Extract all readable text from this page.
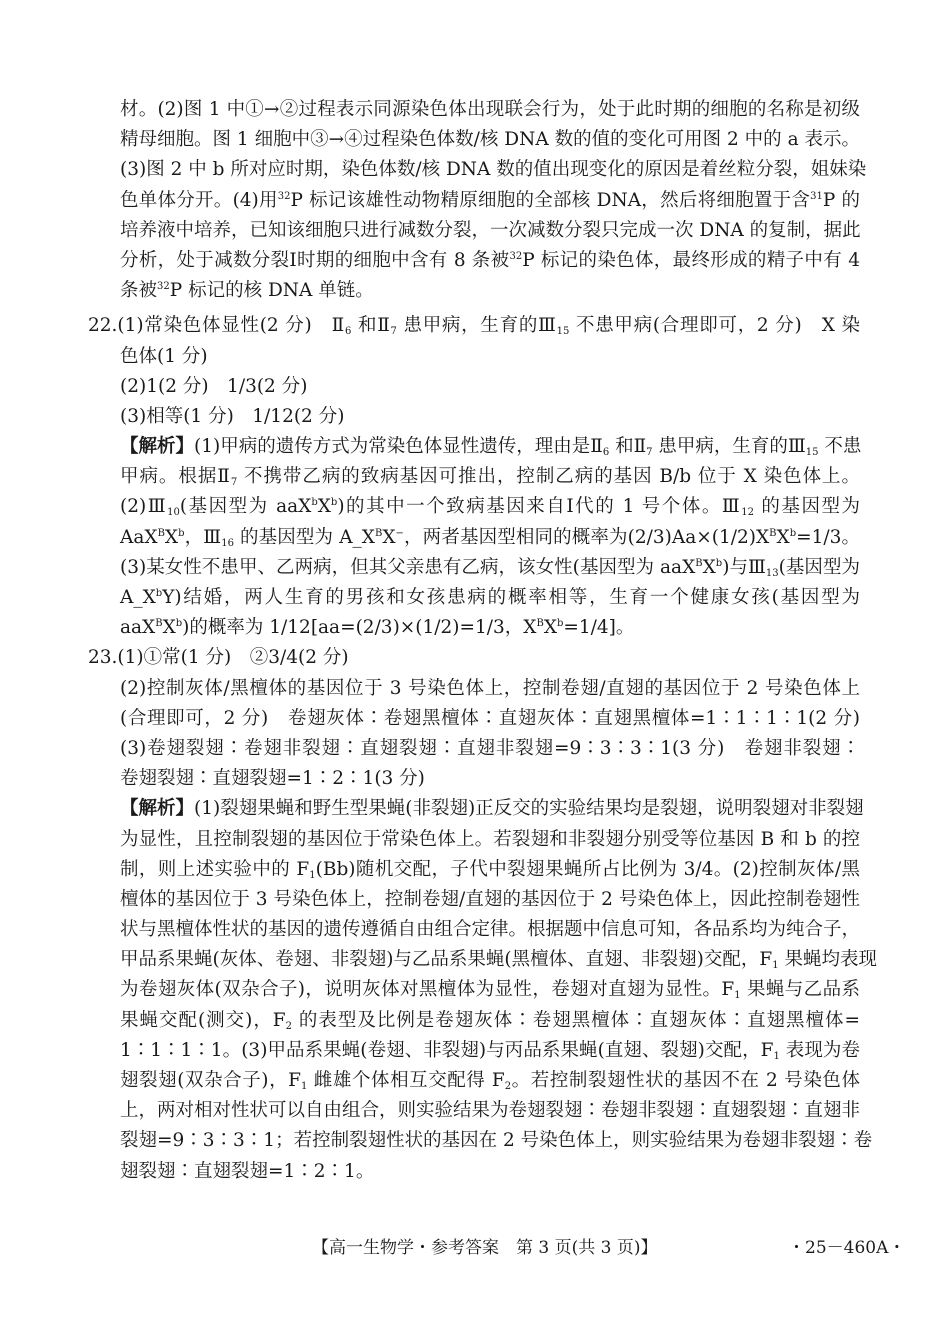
材。(2)图 1 中①→②过程表示同源染色体出现联会行为，处于此时期的细胞的名称是初级
精母细胞。图 1 细胞中③→④过程染色体数/核 DNA 数的值的变化可用图 2 中的 a 表示。
(3)图 2 中 b 所对应时期，染色体数/核 DNA 数的值出现变化的原因是着丝粒分裂，姐妹染
色单体分开。(4)用$^{32}$P 标记该雄性动物精原细胞的全部核 DNA，然后将细胞置于含$^{31}$P 的
培养液中培养，已知该细胞只进行减数分裂，一次减数分裂只完成一次 DNA 的复制，据此
分析，处于减数分裂Ⅰ时期的细胞中含有 8 条被$^{32}$P 标记的染色体，最终形成的精子中有 4
条被$^{32}$P 标记的核 DNA 单链。
22.(1)常染色体显性(2 分)　$Ⅱ_6$ 和$Ⅱ_7$ 患甲病，生育的$Ⅲ_{15}$ 不患甲病(合理即可，2 分)　X 染
色体(1 分)
(2)1(2 分)　1/3(2 分)
(3)相等(1 分)　1/12(2 分)
【解析】(1)甲病的遗传方式为常染色体显性遗传，理由是$Ⅱ_6$ 和$Ⅱ_7$ 患甲病，生育的$Ⅲ_{15}$ 不患
甲病。根据$Ⅱ_7$ 不携带乙病的致病基因可推出，控制乙病的基因 B/b 位于 X 染色体上。
$(2)Ⅲ_{10}$(基因型为 $aaX^bX^b$)的其中一个致病基因来自Ⅰ代的 1 号个体。$Ⅲ_{12}$ 的基因型为
$AaX^BX^b$，$Ⅲ_{16}$ 的基因型为 $A\_X^BX^-$，两者基因型相同的概率为$(2/3)Aa\times(1/2)X^BX^b=1/3$。
(3)某女性不患甲、乙两病，但其父亲患有乙病，该女性(基因型为 $aaX^BX^b$)与$Ⅲ_{13}$(基因型为
$A\_X^bY$)结婚，两人生育的男孩和女孩患病的概率相等，生育一个健康女孩(基因型为
$aaX^BX^b$)的概率为 1/12[aa=(2/3)×(1/2)=1/3，$X^BX^b=1/4$]。
23.(1)①常(1 分)　②3/4(2 分)
(2)控制灰体/黑檀体的基因位于 3 号染色体上，控制卷翅/直翅的基因位于 2 号染色体上
(合理即可，2 分)　卷翅灰体∶卷翅黑檀体∶直翅灰体∶直翅黑檀体=1∶1∶1∶1(2 分)
(3)卷翅裂翅∶卷翅非裂翅∶直翅裂翅∶直翅非裂翅=9∶3∶3∶1(3 分)　卷翅非裂翅∶
卷翅裂翅∶直翅裂翅=1∶2∶1(3 分)
【解析】(1)裂翅果蝇和野生型果蝇(非裂翅)正反交的实验结果均是裂翅，说明裂翅对非裂翅
为显性，且控制裂翅的基因位于常染色体上。若裂翅和非裂翅分别受等位基因 B 和 b 的控
制，则上述实验中的 $F_1(Bb)$随机交配，子代中裂翅果蝇所占比例为 3/4。(2)控制灰体/黑
檀体的基因位于 3 号染色体上，控制卷翅/直翅的基因位于 2 号染色体上，因此控制卷翅性
状与黑檀体性状的基因的遗传遵循自由组合定律。根据题中信息可知，各品系均为纯合子，
甲品系果蝇(灰体、卷翅、非裂翅)与乙品系果蝇(黑檀体、直翅、非裂翅)交配，$F_1$ 果蝇均表现
为卷翅灰体(双杂合子)，说明灰体对黑檀体为显性，卷翅对直翅为显性。$F_1$ 果蝇与乙品系
果蝇交配(测交)，$F_2$ 的表型及比例是卷翅灰体∶卷翅黑檀体∶直翅灰体∶直翅黑檀体=
1∶1∶1∶1。(3)甲品系果蝇(卷翅、非裂翅)与丙品系果蝇(直翅、裂翅)交配，$F_1$ 表现为卷
翅裂翅(双杂合子)，$F_1$ 雌雄个体相互交配得 $F_2$。若控制裂翅性状的基因不在 2 号染色体
上，两对相对性状可以自由组合，则实验结果为卷翅裂翅∶卷翅非裂翅∶直翅裂翅∶直翅非
裂翅=9∶3∶3∶1；若控制裂翅性状的基因在 2 号染色体上，则实验结果为卷翅非裂翅∶卷
翅裂翅∶直翅裂翅=1∶2∶1。
【高一生物学・参考答案　第 3 页(共 3 页)】	・25－460A・
